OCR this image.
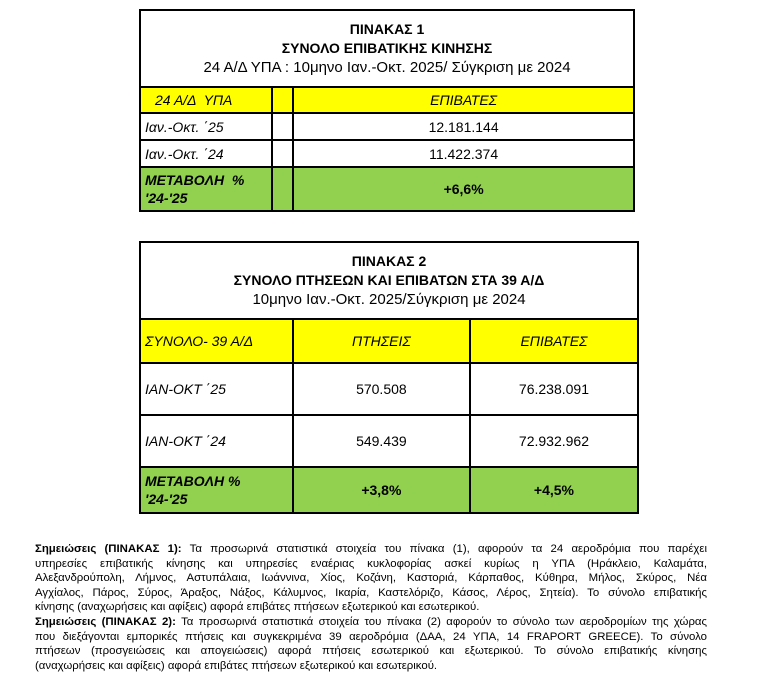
ΠΙΝΑΚΑΣ 1
ΣΥΝΟΛΟ ΕΠΙΒΑΤΙΚΗΣ ΚΙΝΗΣΗΣ
24 Α/Δ ΥΠΑ : 10μηνο Ιαν.-Οκτ. 2025/ Σύγκριση με 2024		

24 Α/Δ  ΥΠΑ		ΕΠΙΒΑΤΕΣ
Ιαν.-Οκτ. ΄25		12.181.144
Ιαν.-Οκτ. ΄24		11.422.374

ΜΕΤΑΒΟΛΗ  %
'24-'25		+6,6%
ΠΙΝΑΚΑΣ 2
ΣΥΝΟΛΟ ΠΤΗΣΕΩΝ ΚΑΙ ΕΠΙΒΑΤΩΝ ΣΤΑ 39 Α/Δ
10μηνο Ιαν.-Οκτ. 2025/Σύγκριση με 2024		

ΣΥΝΟΛΟ- 39 Α/Δ	ΠΤΗΣΕΙΣ	ΕΠΙΒΑΤΕΣ
ΙΑΝ-ΟΚΤ ΄25	570.508	76.238.091
ΙΑΝ-ΟΚΤ ΄24	549.439	72.932.962

ΜΕΤΑΒΟΛΗ %
'24-'25	+3,8%	+4,5%
Σημειώσεις (ΠΙΝΑΚΑΣ 1): Τα προσωρινά στατιστικά στοιχεία του πίνακα (1), αφορούν τα 24 αεροδρόμια που παρέχει
υπηρεσίες επιβατικής κίνησης και υπηρεσίες εναέριας κυκλοφορίας ασκεί κυρίως η ΥΠΑ (Ηράκλειο, Καλαμάτα,
Αλεξανδρούπολη, Λήμνος, Αστυπάλαια, Ιωάννινα, Χίος, Κοζάνη, Καστοριά, Κάρπαθος, Κύθηρα, Μήλος, Σκύρος, Νέα
Αγχίαλος, Πάρος, Σύρος, Άραξος, Νάξος, Κάλυμνος, Ικαρία, Καστελόριζο, Κάσος, Λέρος, Σητεία). Το σύνολο επιβατικής
κίνησης (αναχωρήσεις και αφίξεις) αφορά επιβάτες πτήσεων εξωτερικού και εσωτερικού.
Σημειώσεις (ΠΙΝΑΚΑΣ 2): Τα προσωρινά στατιστικά στοιχεία του πίνακα (2) αφορούν το σύνολο των αεροδρομίων της χώρας
που διεξάγονται εμπορικές πτήσεις και συγκεκριμένα 39 αεροδρόμια (ΔΑΑ, 24 ΥΠΑ, 14 FRAPORT GREECE). Το σύνολο
πτήσεων (προσγειώσεις και απογειώσεις) αφορά πτήσεις εσωτερικού και εξωτερικού. Το σύνολο επιβατικής κίνησης
(αναχωρήσεις και αφίξεις) αφορά επιβάτες πτήσεων εξωτερικού και εσωτερικού.
